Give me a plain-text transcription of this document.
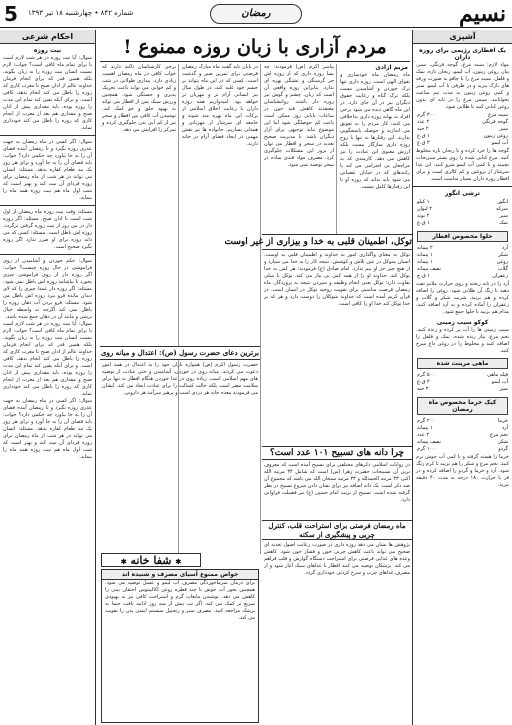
5 شماره ۸۴۲ • چهارشنبه ۱۸ تیر ۱۳۹۳	رمضان	نسیم
آشپزی
یک افطاری رژیمی برای روزه داران
مواد لازم: سینه مرغ، گوجه فرنگی، سیر، پیاز، روغن زیتون، آب لیمو، ریحان تازه، نمک و فلفل. سینه مرغ را با چاقو به صورت ورقه های نازک ببرید و در ظرفی با آب لیمو، سیر و کمی روغن زیتون به مدت نیم ساعت بخوابانید. سپس مرغ را در تابه ای بدون روغن کبابی کنید تا طلایی شود.
سینه مرغ
۳۰۰ گرم
گوجه فرنگی
۲ عدد
سیر
۲ حبه
روغن زیتون
۱ ق.غ
آب لیمو
۳ ق.غ
گوجه ها را خرد کرده و با ریحان تازه مخلوط کنید. مرغ کبابی شده را روی بستر سبزیجات بچینید و با کمی آب لیمو سرو کنید. این غذا سرشار از پروتئین و کم کالری است و برای افطار روزه داران بسیار مناسب است.
ترشی انگور
انگور
۱ کیلو
سرکه
۲ لیوان
سیر
۲ بوته
نمک
۱ ق.غ
حلوا مخصوص افطار
آرد
۲ پیمانه
شکر
۱ پیمانه
روغن
۱ پیمانه
گلاب
نصف پیمانه
زعفران
۱ ق.چ
آرد را در تابه ریخته و روی حرارت ملایم تفت دهید تا رنگ آن طلایی شود. روغن را اضافه کرده و هم بزنید. شربت شکر و گلاب و زعفران را آماده کرده و به آرد اضافه کنید. مدام هم بزنید تا حلوا جمع شود.
کوکو سیب زمینی
سیب زمینی ها را آب پز کرده و رنده کنید. تخم مرغ، پیاز رنده شده، نمک و فلفل را اضافه کنید و مخلوط را در روغن داغ سرخ کنید.
ماهی مرینت شده
فیله ماهی
۵۰۰ گرم
آب لیمو
۴ ق.غ
سیر
۲ حبه
کیک خرما مخصوص ماه رمضان
خرما
۲۰۰ گرم
آرد
۱ پیمانه
تخم مرغ
۲ عدد
شکر
نصف پیمانه
گردو
۱۰۰ گرم
خرما را هسته گرفته و با کمی آب جوش نرم کنید. تخم مرغ و شکر را هم بزنید تا کرم رنگ شود. آرد و خرما و گردو را اضافه کرده و در فر با حرارت ۱۸۰ درجه به مدت ۴۰ دقیقه بپزید.
احکام شرعی
نیت روزه
سوال: آیا نیت روزه در هر شب لازم است یا برای تمام ماه کافی است؟ جواب: لازم نیست انسان نیت روزه را به زبان بگوید، بلکه همین قدر که برای انجام فرمان خداوند عالم از اذان صبح تا مغرب کاری که روزه را باطل می کند انجام ندهد، کافی است. و برای آنکه یقین کند تمام این مدت را روزه بوده، باید مقداری پیش از اذان صبح و مقداری هم بعد از مغرب از انجام کاری که روزه را باطل می کند خودداری نماید.
سوال: اگر کسی در ماه رمضان به جهت عذری روزه نگیرد و تا رمضان آینده قضای آن را به جا نیاورد چه حکمی دارد؟ جواب: باید قضای آن را به جا آورد و برای هر روز یک مد طعام کفاره بدهد. مسئله: انسان می تواند در هر شب از ماه رمضان برای روزه فردای آن نیت کند و بهتر است که شب اول ماه هم نیت روزه همه ماه را بنماید.
مسئله: وقت نیت روزه ماه رمضان از اول شب است تا اذان صبح. مسئله: اگر روزه دار در بین روز از نیت روزه گرفتن برگردد، روزه اش باطل است. مسئله: کسی که می داند روزه برای او ضرر ندارد اگر روزه بگیرد صحیح است.
سوال: حکم خوردن و آشامیدن از روی فراموشی در حال روزه چیست؟ جواب: اگر روزه دار از روی فراموشی چیزی بخورد یا بیاشامد روزه اش باطل نمی شود. مسئله: اگر روزه دار عمدا چیزی را که لای دندان مانده فرو ببرد روزه اش باطل می شود. مسئله: فرو بردن آب دهان روزه را باطل نمی کند اگرچه به واسطه خیال ترشی و مانند آن در دهان جمع شده باشد.
سوال: آیا نیت روزه در هر شب لازم است یا برای تمام ماه کافی است؟ جواب: لازم نیست انسان نیت روزه را به زبان بگوید، بلکه همین قدر که برای انجام فرمان خداوند عالم از اذان صبح تا مغرب کاری که روزه را باطل می کند انجام ندهد، کافی است. و برای آنکه یقین کند تمام این مدت را روزه بوده، باید مقداری پیش از اذان صبح و مقداری هم بعد از مغرب از انجام کاری که روزه را باطل می کند خودداری نماید.
سوال: اگر کسی در ماه رمضان به جهت عذری روزه نگیرد و تا رمضان آینده قضای آن را به جا نیاورد چه حکمی دارد؟ جواب: باید قضای آن را به جا آورد و برای هر روز یک مد طعام کفاره بدهد. مسئله: انسان می تواند در هر شب از ماه رمضان برای روزه فردای آن نیت کند و بهتر است که شب اول ماه هم نیت روزه همه ماه را بنماید.
مردم آزاری با زبان روزه ممنوع !
مریم ازادی
ماه رمضان ماه خودسازی و تقوای الهی است. روزه داری تنها ترک خوردن و آشامیدن نیست بلکه ترک گناه و رعایت حقوق دیگران نیز در آن جای دارد. در این ماه گاهی دیده می شود برخی افراد به بهانه روزه داری بداخلاقی می کنند، کار مردم را به تعویق می اندازند و حوصله پاسخگویی ندارند. این رفتارها نه تنها با روح روزه داری سازگار نیست بلکه ارزش معنوی این عبادت را نیز کاهش می دهد. کارمندی که به مراجعان بی احترامی می کند یا رانندهای که در خیابان عصبانی می شود باید بداند که روزه او با این رفتارها کامل نیست.
پیامبر اکرم (ص) فرمودند: چه بسا روزه داری که از روزه اش جز گرسنگی و تشنگی بهره ای ندارد. بنابراین روزه واقعی آن است که زبان، چشم و گوش نیز روزه دار باشند. روانشناسان معتقدند کاهش قند خون در ساعات پایانی روز ممکن است باعث کم حوصلگی شود اما این موضوع نباید توجیهی برای آزار دیگران باشد. با مدیریت صحیح تغذیه در سحر و افطار می توان از بروز این مشکلات جلوگیری کرد. مصرف مواد قندی ساده در سحر توصیه نمی شود.
در پایان باید گفت ماه مبارک رمضان فرصتی برای تمرین صبر و گذشت است. کسی که در این ماه بتواند بر خشم خود غلبه کند، در طول سال نیز انسانی آرام تر و مهربان تر خواهد بود. امیدواریم همه روزه داران با رعایت اخلاق اسلامی از برکات این ماه بهره مند شوند و جامعه ای سرشار از مهربانی و همدلی بسازیم. خانواده ها نیز نقش مهمی در ایجاد فضای آرام در خانه دارند.
برخی کارشناسان تاکید دارند که خواب کافی در ماه رمضان اهمیت زیادی دارد. بیداری طولانی در شب و کم خوابی می تواند باعث تحریک پذیری و خستگی شود. همچنین ورزش سبک پس از افطار می تواند به بهبود خلق و خو کمک کند. نوشیدن آب کافی بین افطار و سحر نیز از کم آبی بدن جلوگیری کرده و تمرکز را افزایش می دهد.
توکل، اطمینان قلبی به خدا و بیزاری از غیر اوست
توکل به معنای واگذاری امور به خداوند و اطمینان قلبی به اوست. انسان متوکل در عین تلاش و کوشش، نتیجه کار را به خدا می سپارد و از هیچ چیز جز او بیم ندارد. امام صادق (ع) فرمودند: هر کس به خدا توکل کند، خداوند او را از همه کس بی نیاز می کند. توکل با تنبلی تفاوت دارد؛ توکل یعنی انجام وظیفه و سپردن نتیجه به پروردگار. ماه رمضان فرصت مناسبی برای تقویت روحیه توکل در انسان است. در قرآن کریم آمده است که خداوند متوکلان را دوست دارد و هر که بر خدا توکل کند خدا او را کافی است.
چرا دانه های تسبیح ۱۰۱ عدد است؟
در روایات اسلامی ذکرهای مختلفی برای تسبیح آمده است که معروف ترین آن تسبیحات حضرت زهرا (س) است که شامل ۳۴ مرتبه الله اکبر، ۳۳ مرتبه الحمدلله و ۳۳ مرتبه سبحان الله می باشد که مجموع آن صد ذکر است. یک دانه اضافه نیز برای نشان دادن شروع تسبیح در نظر گرفته شده است. تسبیح از تربت امام حسین (ع) نیز فضیلت فراوانی دارد.
ماه رمضان فرصتی برای استراحت قلب، کنترل چربی و پیشگیری از سکته
پژوهش ها نشان می دهد روزه داری در صورت رعایت اصول تغذیه ای صحیح می تواند باعث کاهش چربی خون و فشار خون شود. کاهش وعده های غذایی فرصتی برای استراحت دستگاه گوارش و قلب فراهم می کند. پزشکان توصیه می کنند افطار با غذاهای سبک آغاز شود و از مصرف غذاهای چرب و سرخ کردنی خودداری گردد.
برترین دعای حضرت رسول (ص): اعتدال و میانه روی
حضرت رسول اکرم (ص) همواره یاران خود را به اعتدال در همه امور دعوت می کردند. میانه روی در خوردن، آشامیدن و حتی عبادت از توصیه های مهم اسلامی است. زیاده روی در غذا خوردن هنگام افطار نه تنها برای سلامت مضر است بلکه حالت کسالت را برای عبادت ایجاد می کند. ایشان می فرمودند معده خانه هر دردی است و پرهیز سرآمد هر دارویی.
✱ شفا خانه ✱
خواص ممنوع آسیای مصرف و شنیده اند
برای درمان سرماخوردگی مصرف آب لیمو و عسل توصیه می شود. همچنین بخور آب جوش با چند قطره روغن اکالیپتوس احتقان بینی را کاهش می دهد. نوشیدن مایعات گرم و استراحت کافی نیز به بهبودی سریع تر کمک می کند. اگر تب بیش از سه روز ادامه یافت حتما به پزشک مراجعه کنید. مصرف سیر و زنجبیل سیستم ایمنی بدن را تقویت می کند.
